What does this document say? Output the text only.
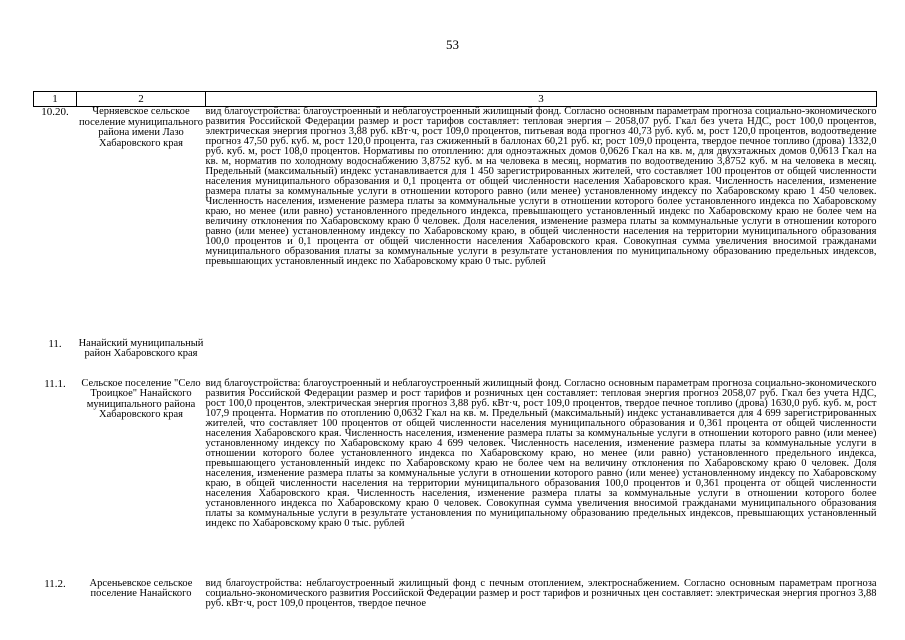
53
1	2	3
10.20.	Черняевское сельское поселение муниципального района имени Лазо Хабаровского края	вид благоустройства: благоустроенный и неблагоустроенный жилищный фонд. Согласно основным параметрам прогноза социально-экономического развития Российской Федерации размер и рост тарифов составляет: тепловая энергия – 2058,07 руб. Гкал без учета НДС, рост 100,0 процентов, электрическая энергия прогноз 3,88 руб. кВт·ч, рост 109,0 процентов, питьевая вода прогноз 40,73 руб. куб. м, рост 120,0 процентов, водоотведение прогноз 47,50 руб. куб. м, рост 120,0 процента, газ сжиженный в баллонах 60,21 руб. кг, рост 109,0 процента, твердое печное топливо (дрова) 1332,0 руб. куб. м, рост 108,0 процентов. Нормативы по отоплению: для одноэтажных домов 0,0626 Гкал на кв. м, для двухэтажных домов 0,0613 Гкал на кв. м, норматив по холодному водоснабжению 3,8752 куб. м на человека в месяц, норматив по водоотведению 3,8752 куб. м на человека в месяц. Предельный (максимальный) индекс устанавливается для 1 450 зарегистрированных жителей, что составляет 100 процентов от общей численности населения муниципального образования и 0,1 процента от общей численности населения Хабаровского края. Численность населения, изменение размера платы за коммунальные услуги в отношении которого равно (или менее) установленному индексу по Хабаровскому краю 1 450 человек. Численность населения, изменение размера платы за коммунальные услуги в отношении которого более установленного индекса по Хабаровскому краю, но менее (или равно) установленного предельного индекса, превышающего установленный индекс по Хабаровскому краю не более чем на величину отклонения по Хабаровскому краю 0 человек. Доля населения, изменение размера платы за коммунальные услуги в отношении которого равно (или менее) установленному индексу по Хабаровскому краю, в общей численности населения на территории муниципального образования 100,0 процентов и 0,1 процента от общей численности населения Хабаровского края. Совокупная сумма увеличения вносимой гражданами муниципального образования платы за коммунальные услуги в результате установления по муниципальному образованию предельных индексов, превышающих установленный индекс по Хабаровскому краю 0 тыс. рублей
11.	Нанайский муниципальный район Хабаровского края	
11.1.	Сельское поселение "Село Троицкое" Нанайского муниципального района Хабаровского края	вид благоустройства: благоустроенный и неблагоустроенный жилищный фонд. Согласно основным параметрам прогноза социально-экономического развития Российской Федерации размер и рост тарифов и розничных цен составляет: тепловая энергия прогноз 2058,07 руб. Гкал без учета НДС, рост 100,0 процентов, электрическая энергия прогноз 3,88 руб. кВт·ч, рост 109,0 процентов, твердое печное топливо (дрова) 1630,0 руб. куб. м, рост 107,9 процента. Норматив по отоплению 0,0632 Гкал на кв. м. Предельный (максимальный) индекс устанавливается для 4 699 зарегистрированных жителей, что составляет 100 процентов от общей численности населения муниципального образования и 0,361 процента от общей численности населения Хабаровского края. Численность населения, изменение размера платы за коммунальные услуги в отношении которого равно (или менее) установленному индексу по Хабаровскому краю 4 699 человек. Численность населения, изменение размера платы за коммунальные услуги в отношении которого более установленного индекса по Хабаровскому краю, но менее (или равно) установленного предельного индекса, превышающего установленный индекс по Хабаровскому краю не более чем на величину отклонения по Хабаровскому краю 0 человек. Доля населения, изменение размера платы за коммунальные услуги в отношении которого равно (или менее) установленному индексу по Хабаровскому краю, в общей численности населения на территории муниципального образования 100,0 процентов и 0,361 процента от общей численности населения Хабаровского края. Численность населения, изменение размера платы за коммунальные услуги в отношении которого более установленного индекса по Хабаровскому краю 0 человек. Совокупная сумма увеличения вносимой гражданами муниципального образования платы за коммунальные услуги в результате установления по муниципальному образованию предельных индексов, превышающих установленный индекс по Хабаровскому краю 0 тыс. рублей
11.2.	Арсеньевское сельское поселение Нанайского	вид благоустройства: неблагоустроенный жилищный фонд с печным отоплением, электроснабжением. Согласно основным параметрам прогноза социально-экономического развития Российской Федерации размер и рост тарифов и розничных цен составляет: электрическая энергия прогноз 3,88 руб. кВт·ч, рост 109,0 процентов, твердое печное
